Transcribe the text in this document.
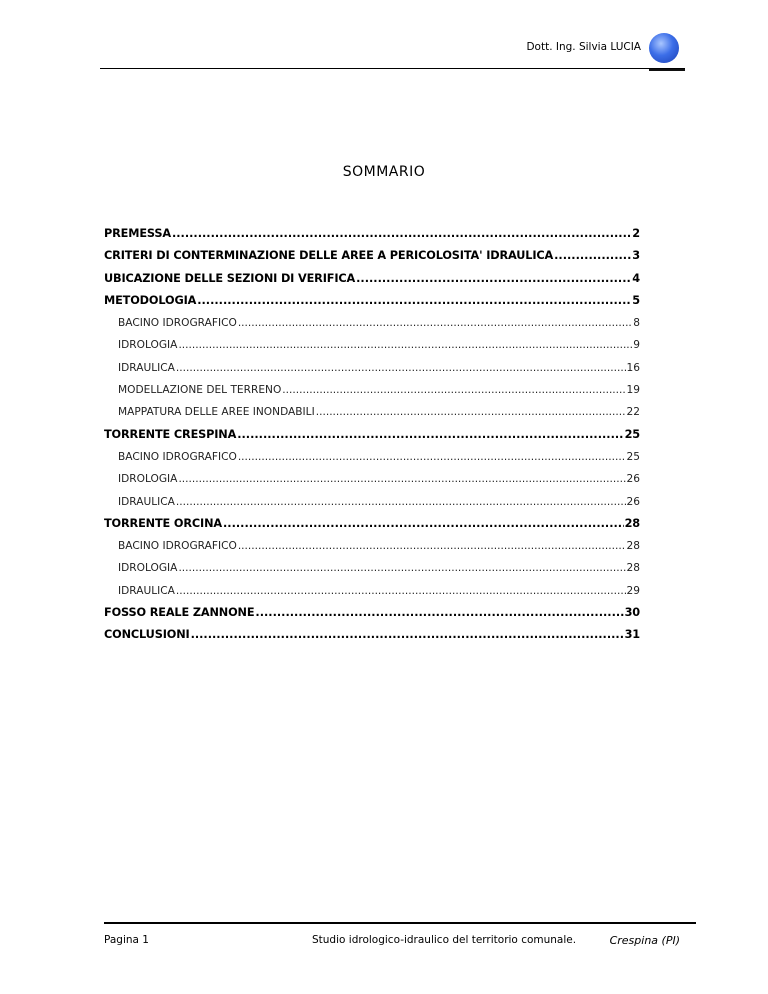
Dott. Ing. Silvia LUCIA
SOMMARIO
PREMESSA .....	2
CRITERI DI CONTERMINAZIONE DELLE AREE A PERICOLOSITA' IDRAULICA .....	3
UBICAZIONE DELLE SEZIONI DI VERIFICA .....	4
METODOLOGIA .....	5
BACINO IDROGRAFICO .....	8
IDROLOGIA .....	9
IDRAULICA .....	16
MODELLAZIONE DEL TERRENO .....	19
MAPPATURA DELLE AREE INONDABILI .....	22
TORRENTE CRESPINA .....	25
BACINO IDROGRAFICO .....	25
IDROLOGIA .....	26
IDRAULICA .....	26
TORRENTE ORCINA .....	28
BACINO IDROGRAFICO .....	28
IDROLOGIA .....	28
IDRAULICA .....	29
FOSSO REALE ZANNONE .....	30
CONCLUSIONI .....	31
Pagina 1	Studio idrologico-idraulico del territorio comunale.	Crespina (PI)
